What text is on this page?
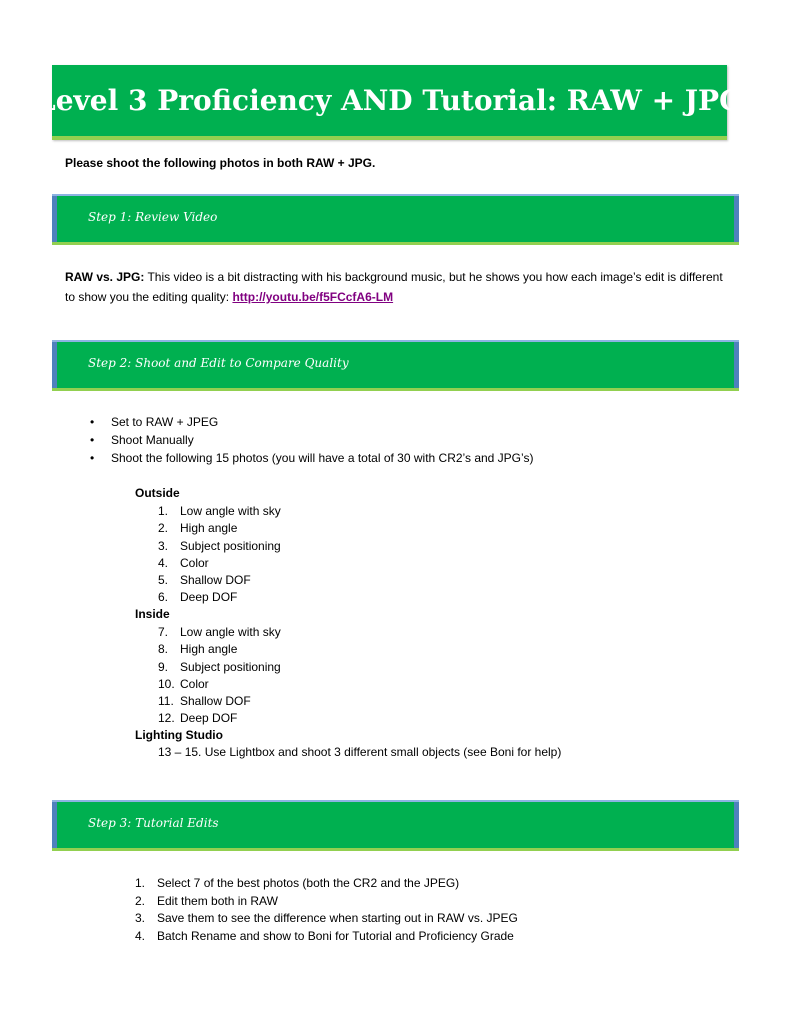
Level 3 Proficiency AND Tutorial: RAW + JPG
Please shoot the following photos in both RAW + JPG.
Step 1: Review Video
RAW vs. JPG: This video is a bit distracting with his background music, but he shows you how each image’s edit is different to show you the editing quality: http://youtu.be/f5FCcfA6-LM
Step 2: Shoot and Edit to Compare Quality
• Set to RAW + JPEG
• Shoot Manually
• Shoot the following 15 photos (you will have a total of 30 with CR2’s and JPG’s)
Outside
1. Low angle with sky
2. High angle
3. Subject positioning
4. Color
5. Shallow DOF
6. Deep DOF
Inside
7. Low angle with sky
8. High angle
9. Subject positioning
10. Color
11. Shallow DOF
12. Deep DOF
Lighting Studio
13 – 15. Use Lightbox and shoot 3 different small objects (see Boni for help)
Step 3: Tutorial Edits
1. Select 7 of the best photos (both the CR2 and the JPEG)
2. Edit them both in RAW
3. Save them to see the difference when starting out in RAW vs. JPEG
4. Batch Rename and show to Boni for Tutorial and Proficiency Grade
